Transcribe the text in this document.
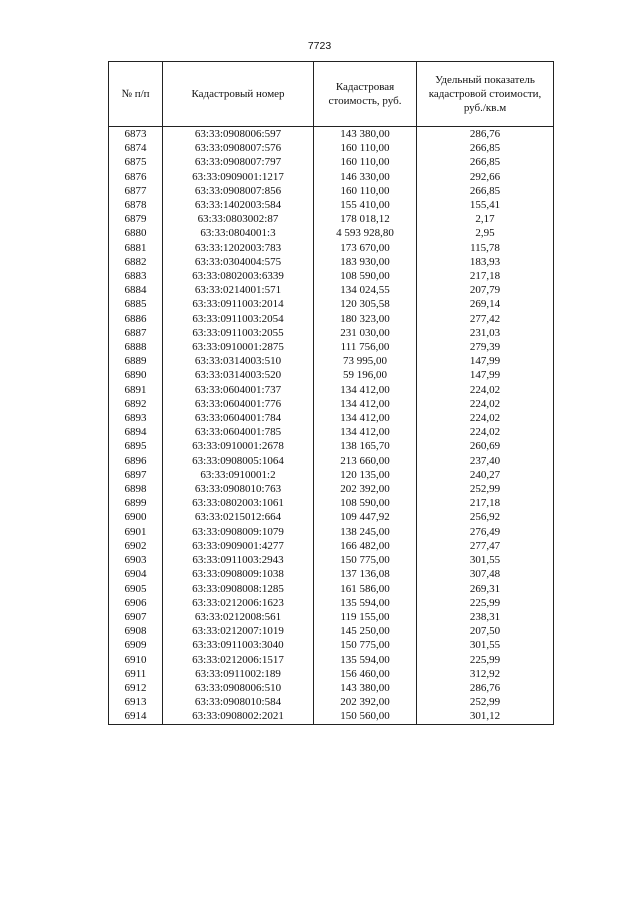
7723
№ п/п	Кадастровый номер	Кадастровая стоимость, руб.	Удельный показатель кадастровой стоимости, руб./кв.м
6873	63:33:0908006:597	143 380,00	286,76
6874	63:33:0908007:576	160 110,00	266,85
6875	63:33:0908007:797	160 110,00	266,85
6876	63:33:0909001:1217	146 330,00	292,66
6877	63:33:0908007:856	160 110,00	266,85
6878	63:33:1402003:584	155 410,00	155,41
6879	63:33:0803002:87	178 018,12	2,17
6880	63:33:0804001:3	4 593 928,80	2,95
6881	63:33:1202003:783	173 670,00	115,78
6882	63:33:0304004:575	183 930,00	183,93
6883	63:33:0802003:6339	108 590,00	217,18
6884	63:33:0214001:571	134 024,55	207,79
6885	63:33:0911003:2014	120 305,58	269,14
6886	63:33:0911003:2054	180 323,00	277,42
6887	63:33:0911003:2055	231 030,00	231,03
6888	63:33:0910001:2875	111 756,00	279,39
6889	63:33:0314003:510	73 995,00	147,99
6890	63:33:0314003:520	59 196,00	147,99
6891	63:33:0604001:737	134 412,00	224,02
6892	63:33:0604001:776	134 412,00	224,02
6893	63:33:0604001:784	134 412,00	224,02
6894	63:33:0604001:785	134 412,00	224,02
6895	63:33:0910001:2678	138 165,70	260,69
6896	63:33:0908005:1064	213 660,00	237,40
6897	63:33:0910001:2	120 135,00	240,27
6898	63:33:0908010:763	202 392,00	252,99
6899	63:33:0802003:1061	108 590,00	217,18
6900	63:33:0215012:664	109 447,92	256,92
6901	63:33:0908009:1079	138 245,00	276,49
6902	63:33:0909001:4277	166 482,00	277,47
6903	63:33:0911003:2943	150 775,00	301,55
6904	63:33:0908009:1038	137 136,08	307,48
6905	63:33:0908008:1285	161 586,00	269,31
6906	63:33:0212006:1623	135 594,00	225,99
6907	63:33:0212008:561	119 155,00	238,31
6908	63:33:0212007:1019	145 250,00	207,50
6909	63:33:0911003:3040	150 775,00	301,55
6910	63:33:0212006:1517	135 594,00	225,99
6911	63:33:0911002:189	156 460,00	312,92
6912	63:33:0908006:510	143 380,00	286,76
6913	63:33:0908010:584	202 392,00	252,99
6914	63:33:0908002:2021	150 560,00	301,12
